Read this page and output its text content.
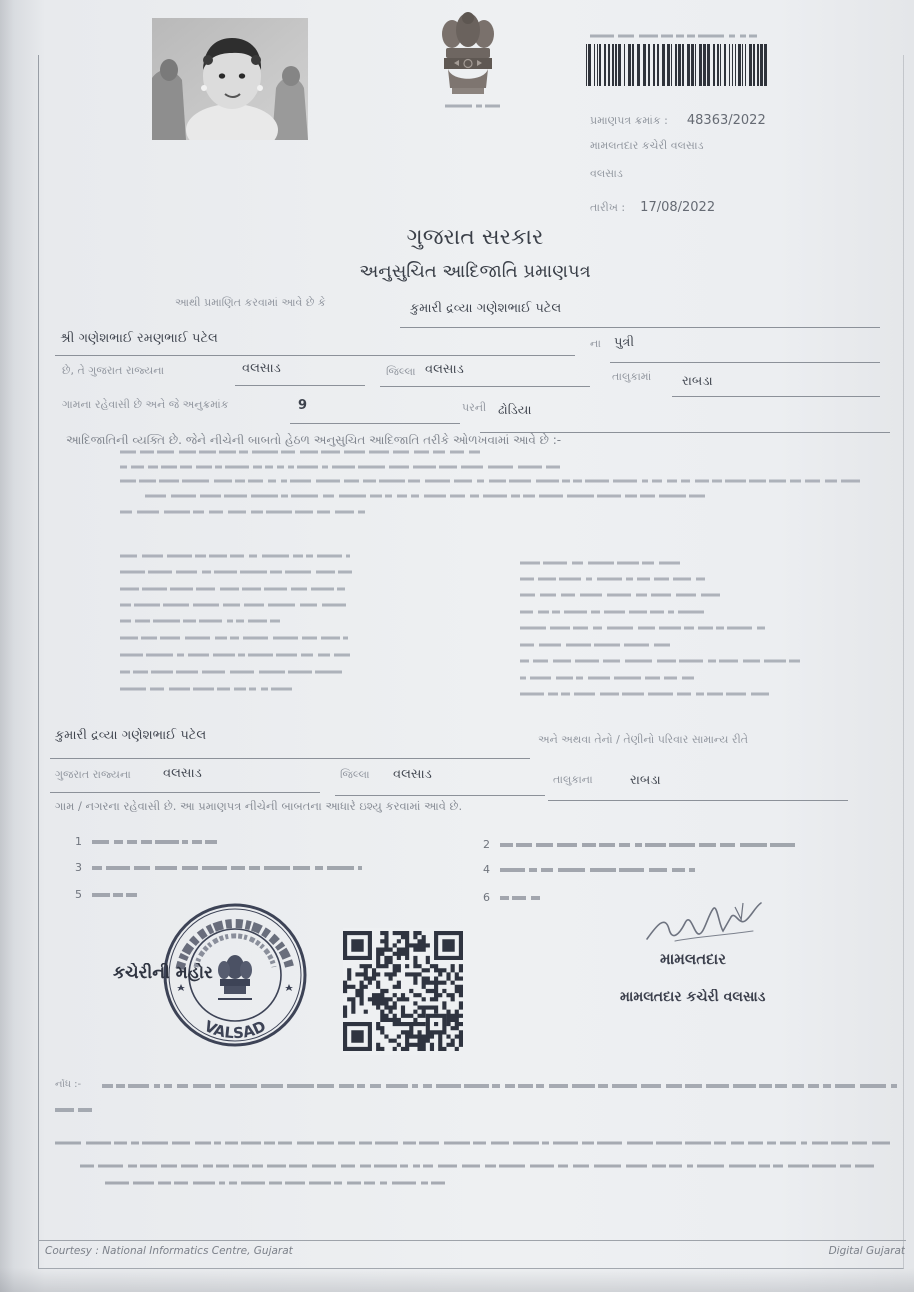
પ્રમાણપત્ર ક્રમાંક : 48363/2022
મામલતદાર કચેરી વલસાડ
વલસાડ
તારીખ : 17/08/2022
ગુજરાત સરકાર
અનુસુચિત આદિજાતિ પ્રમાણપત્ર
આથી પ્રમાણિત કરવામાં આવે છે કે	કુમારી દ્રવ્યા ગણેશભાઈ પટેલ
શ્રી ગણેશભાઈ રમણભાઈ પટેલ	ના	પુત્રી
છે, તે ગુજરાત રાજ્યના	વલસાડ	જિલ્લા વલસાડ	તાલુકામાં	રાબડા
ગામના રહેવાસી છે અને જે અનુક્રમાંક	9	પરની ઢોડિયા
આદિજાતિની વ્યક્તિ છે. જેને નીચેની બાબતો હેઠળ અનુસુચિત આદિજાતિ તરીકે ઓળખવામાં આવે છે :-
કુમારી દ્રવ્યા ગણેશભાઈ પટેલ	અને અથવા તેનો / તેણીનો પરિવાર સામાન્ય રીતે
ગુજરાત રાજ્યના	વલસાડ	જિલ્લા	વલસાડ	તાલુકાના	રાબડા
ગામ / નગરના રહેવાસી છે. આ પ્રમાણપત્ર નીચેની બાબતના આધારે ઇશ્યુ કરવામાં આવે છે.
1	2
3	4
5	6
VALSAD
કચેરીની મહોર
મામલતદાર
મામલતદાર કચેરી વલસાડ
નોંધ :-
Courtesy : National Informatics Centre, Gujarat	Digital Gujarat
